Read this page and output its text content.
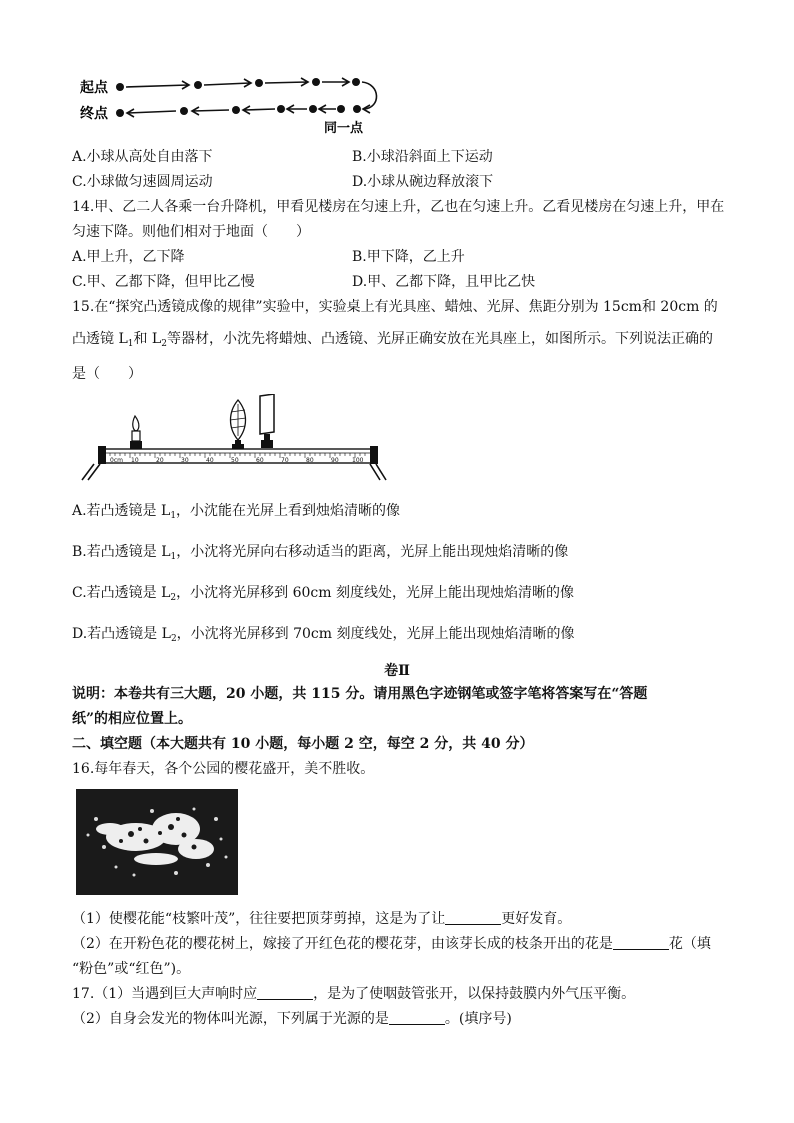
起点
终点
同一点
A.小球从高处自由落下	B.小球沿斜面上下运动
C.小球做匀速圆周运动	D.小球从碗边释放滚下
14.甲、乙二人各乘一台升降机，甲看见楼房在匀速上升，乙也在匀速上升。乙看见楼房在匀速上升，甲在
匀速下降。则他们相对于地面（　　）
A.甲上升，乙下降	B.甲下降，乙上升
C.甲、乙都下降，但甲比乙慢	D.甲、乙都下降，且甲比乙快
15.在“探究凸透镜成像的规律”实验中，实验桌上有光具座、蜡烛、光屏、焦距分别为 15cm和 20cm 的
凸透镜 $L_1$和 $L_2$等器材，小沈先将蜡烛、凸透镜、光屏正确安放在光具座上，如图所示。下列说法正确的
是（　　）
0cm 10	20	30	40	50	60	70	80	90 100
A.若凸透镜是 $L_1$，小沈能在光屏上看到烛焰清晰的像
B.若凸透镜是 $L_1$，小沈将光屏向右移动适当的距离，光屏上能出现烛焰清晰的像
C.若凸透镜是 $L_2$，小沈将光屏移到 60cm 刻度线处，光屏上能出现烛焰清晰的像
D.若凸透镜是 $L_2$，小沈将光屏移到 70cm 刻度线处，光屏上能出现烛焰清晰的像
卷Ⅱ
说明：本卷共有三大题，20 小题，共 115 分。请用黑色字迹钢笔或签字笔将答案写在“答题
纸”的相应位置上。
二、填空题（本大题共有 10 小题，每小题 2 空，每空 2 分，共 40 分）
16.每年春天，各个公园的樱花盛开，美不胜收。
（1）使樱花能“枝繁叶茂”，往往要把顶芽剪掉，这是为了让	更好发育。
（2）在开粉色花的樱花树上，嫁接了开红色花的樱花芽，由该芽长成的枝条开出的花是	花（填
“粉色”或“红色”)。
17.（1）当遇到巨大声响时应	，是为了使咽鼓管张开，以保持鼓膜内外气压平衡。
（2）自身会发光的物体叫光源，下列属于光源的是	。(填序号)
